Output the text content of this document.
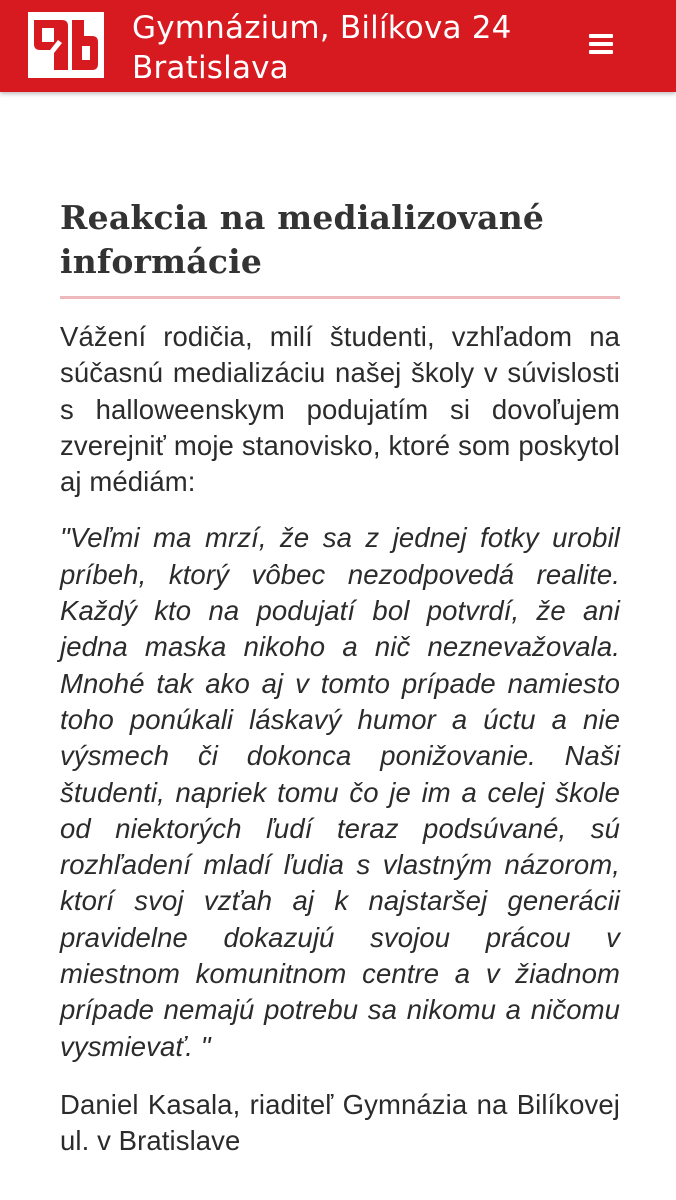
Gymnázium, Bilíkova 24
Bratislava
Reakcia na medializované informácie

Vážení rodičia, milí študenti, vzhľadom na súčasnú medializáciu našej školy v súvislosti s halloweenskym podujatím si dovoľujem zverejniť moje stanovisko, ktoré som poskytol aj médiám:

"Veľmi ma mrzí, že sa z jednej fotky urobil príbeh, ktorý vôbec nezodpovedá realite. Každý kto na podujatí bol potvrdí, že ani jedna maska nikoho a nič neznevažovala. Mnohé tak ako aj v tomto prípade namiesto toho ponúkali láskavý humor a úctu a nie výsmech či dokonca ponižovanie. Naši študenti, napriek tomu čo je im a celej škole od niektorých ľudí teraz podsúvané, sú rozhľadení mladí ľudia s vlastným názorom, ktorí svoj vzťah aj k najstaršej generácii pravidelne dokazujú svojou prácou v miestnom komunitnom centre a v žiadnom prípade nemajú potrebu sa nikomu a ničomu vysmievať. "

Daniel Kasala, riaditeľ Gymnázia na Bilíkovej ul. v Bratislave
